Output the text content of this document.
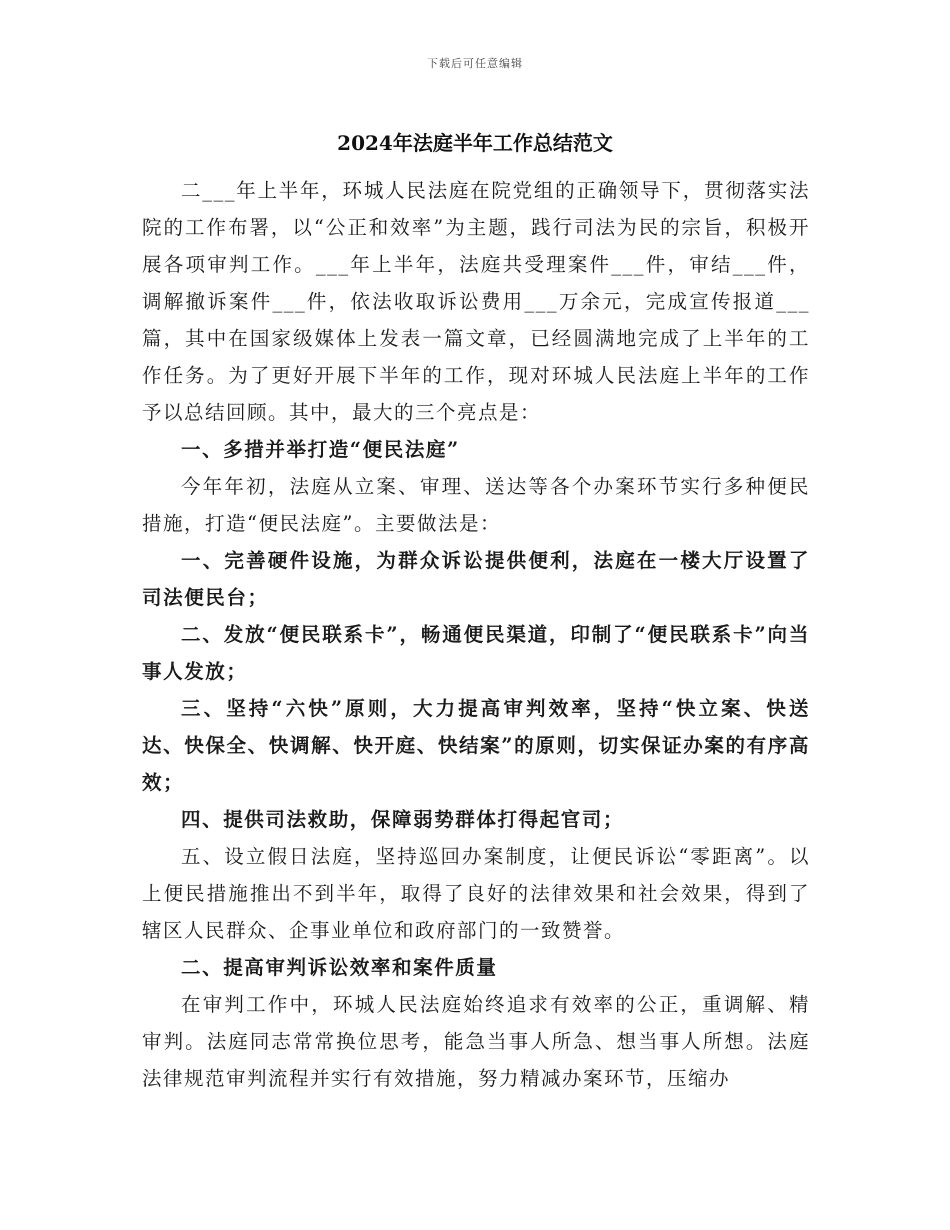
下载后可任意编辑
2024年法庭半年工作总结范文

二___年上半年，环城人民法庭在院党组的正确领导下，贯彻落实法院的工作布署，以“公正和效率”为主题，践行司法为民的宗旨，积极开展各项审判工作。___年上半年，法庭共受理案件___件，审结___件，调解撤诉案件___件，依法收取诉讼费用___万余元，完成宣传报道___篇，其中在国家级媒体上发表一篇文章，已经圆满地完成了上半年的工作任务。为了更好开展下半年的工作，现对环城人民法庭上半年的工作予以总结回顾。其中，最大的三个亮点是：

一、多措并举打造“便民法庭”

今年年初，法庭从立案、审理、送达等各个办案环节实行多种便民措施，打造“便民法庭”。主要做法是：

一、完善硬件设施，为群众诉讼提供便利，法庭在一楼大厅设置了司法便民台；

二、发放“便民联系卡”，畅通便民渠道，印制了“便民联系卡”向当事人发放；

三、坚持“六快”原则，大力提高审判效率，坚持“快立案、快送达、快保全、快调解、快开庭、快结案”的原则，切实保证办案的有序高效；

四、提供司法救助，保障弱势群体打得起官司；

五、设立假日法庭，坚持巡回办案制度，让便民诉讼“零距离”。以上便民措施推出不到半年，取得了良好的法律效果和社会效果，得到了辖区人民群众、企事业单位和政府部门的一致赞誉。

二、提高审判诉讼效率和案件质量

在审判工作中，环城人民法庭始终追求有效率的公正，重调解、精审判。法庭同志常常换位思考，能急当事人所急、想当事人所想。法庭法律规范审判流程并实行有效措施，努力精减办案环节，压缩办
